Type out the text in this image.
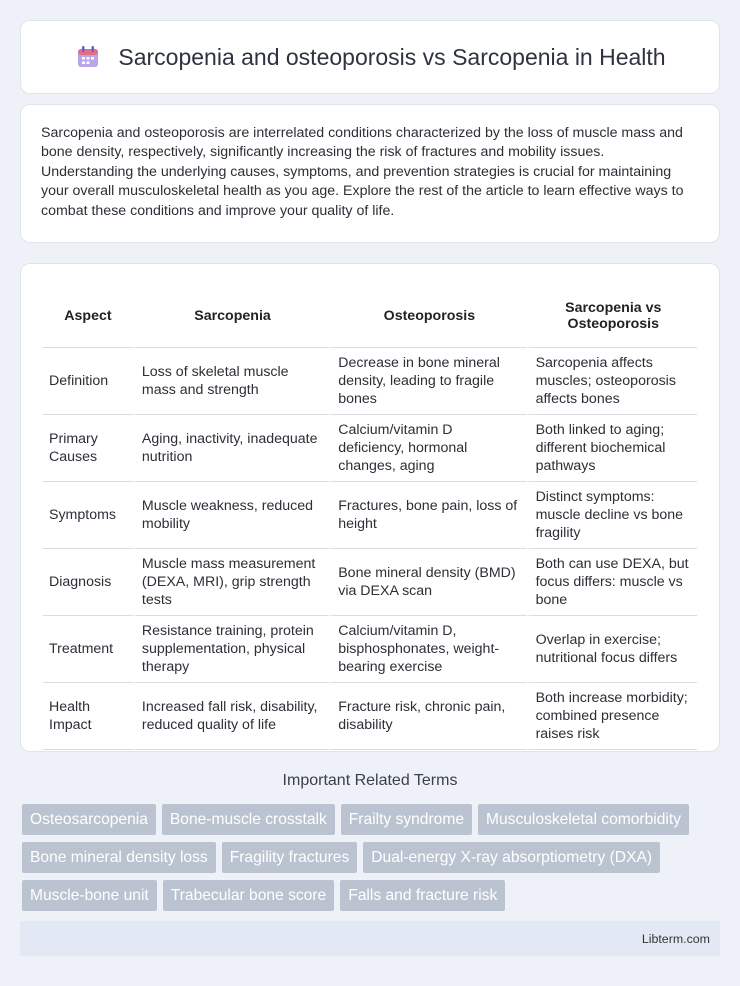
Sarcopenia and osteoporosis vs Sarcopenia in Health

Sarcopenia and osteoporosis are interrelated conditions characterized by the loss of muscle mass and bone density, respectively, significantly increasing the risk of fractures and mobility issues. Understanding the underlying causes, symptoms, and prevention strategies is crucial for maintaining your overall musculoskeletal health as you age. Explore the rest of the article to learn effective ways to combat these conditions and improve your quality of life.

Aspect	Sarcopenia	Osteoporosis	Sarcopenia vs Osteoporosis
Definition	Loss of skeletal muscle mass and strength	Decrease in bone mineral density, leading to fragile bones	Sarcopenia affects muscles; osteoporosis affects bones
Primary Causes	Aging, inactivity, inadequate nutrition	Calcium/vitamin D deficiency, hormonal changes, aging	Both linked to aging; different biochemical pathways
Symptoms	Muscle weakness, reduced mobility	Fractures, bone pain, loss of height	Distinct symptoms: muscle decline vs bone fragility
Diagnosis	Muscle mass measurement (DEXA, MRI), grip strength tests	Bone mineral density (BMD) via DEXA scan	Both can use DEXA, but focus differs: muscle vs bone
Treatment	Resistance training, protein supplementation, physical therapy	Calcium/vitamin D, bisphosphonates, weight-bearing exercise	Overlap in exercise; nutritional focus differs
Health Impact	Increased fall risk, disability, reduced quality of life	Fracture risk, chronic pain, disability	Both increase morbidity; combined presence raises risk
Important Related Terms
Osteosarcopenia	Bone-muscle crosstalk	Frailty syndrome	Musculoskeletal comorbidity
Bone mineral density loss	Fragility fractures	Dual-energy X-ray absorptiometry (DXA)
Muscle-bone unit	Trabecular bone score	Falls and fracture risk
Libterm.com
